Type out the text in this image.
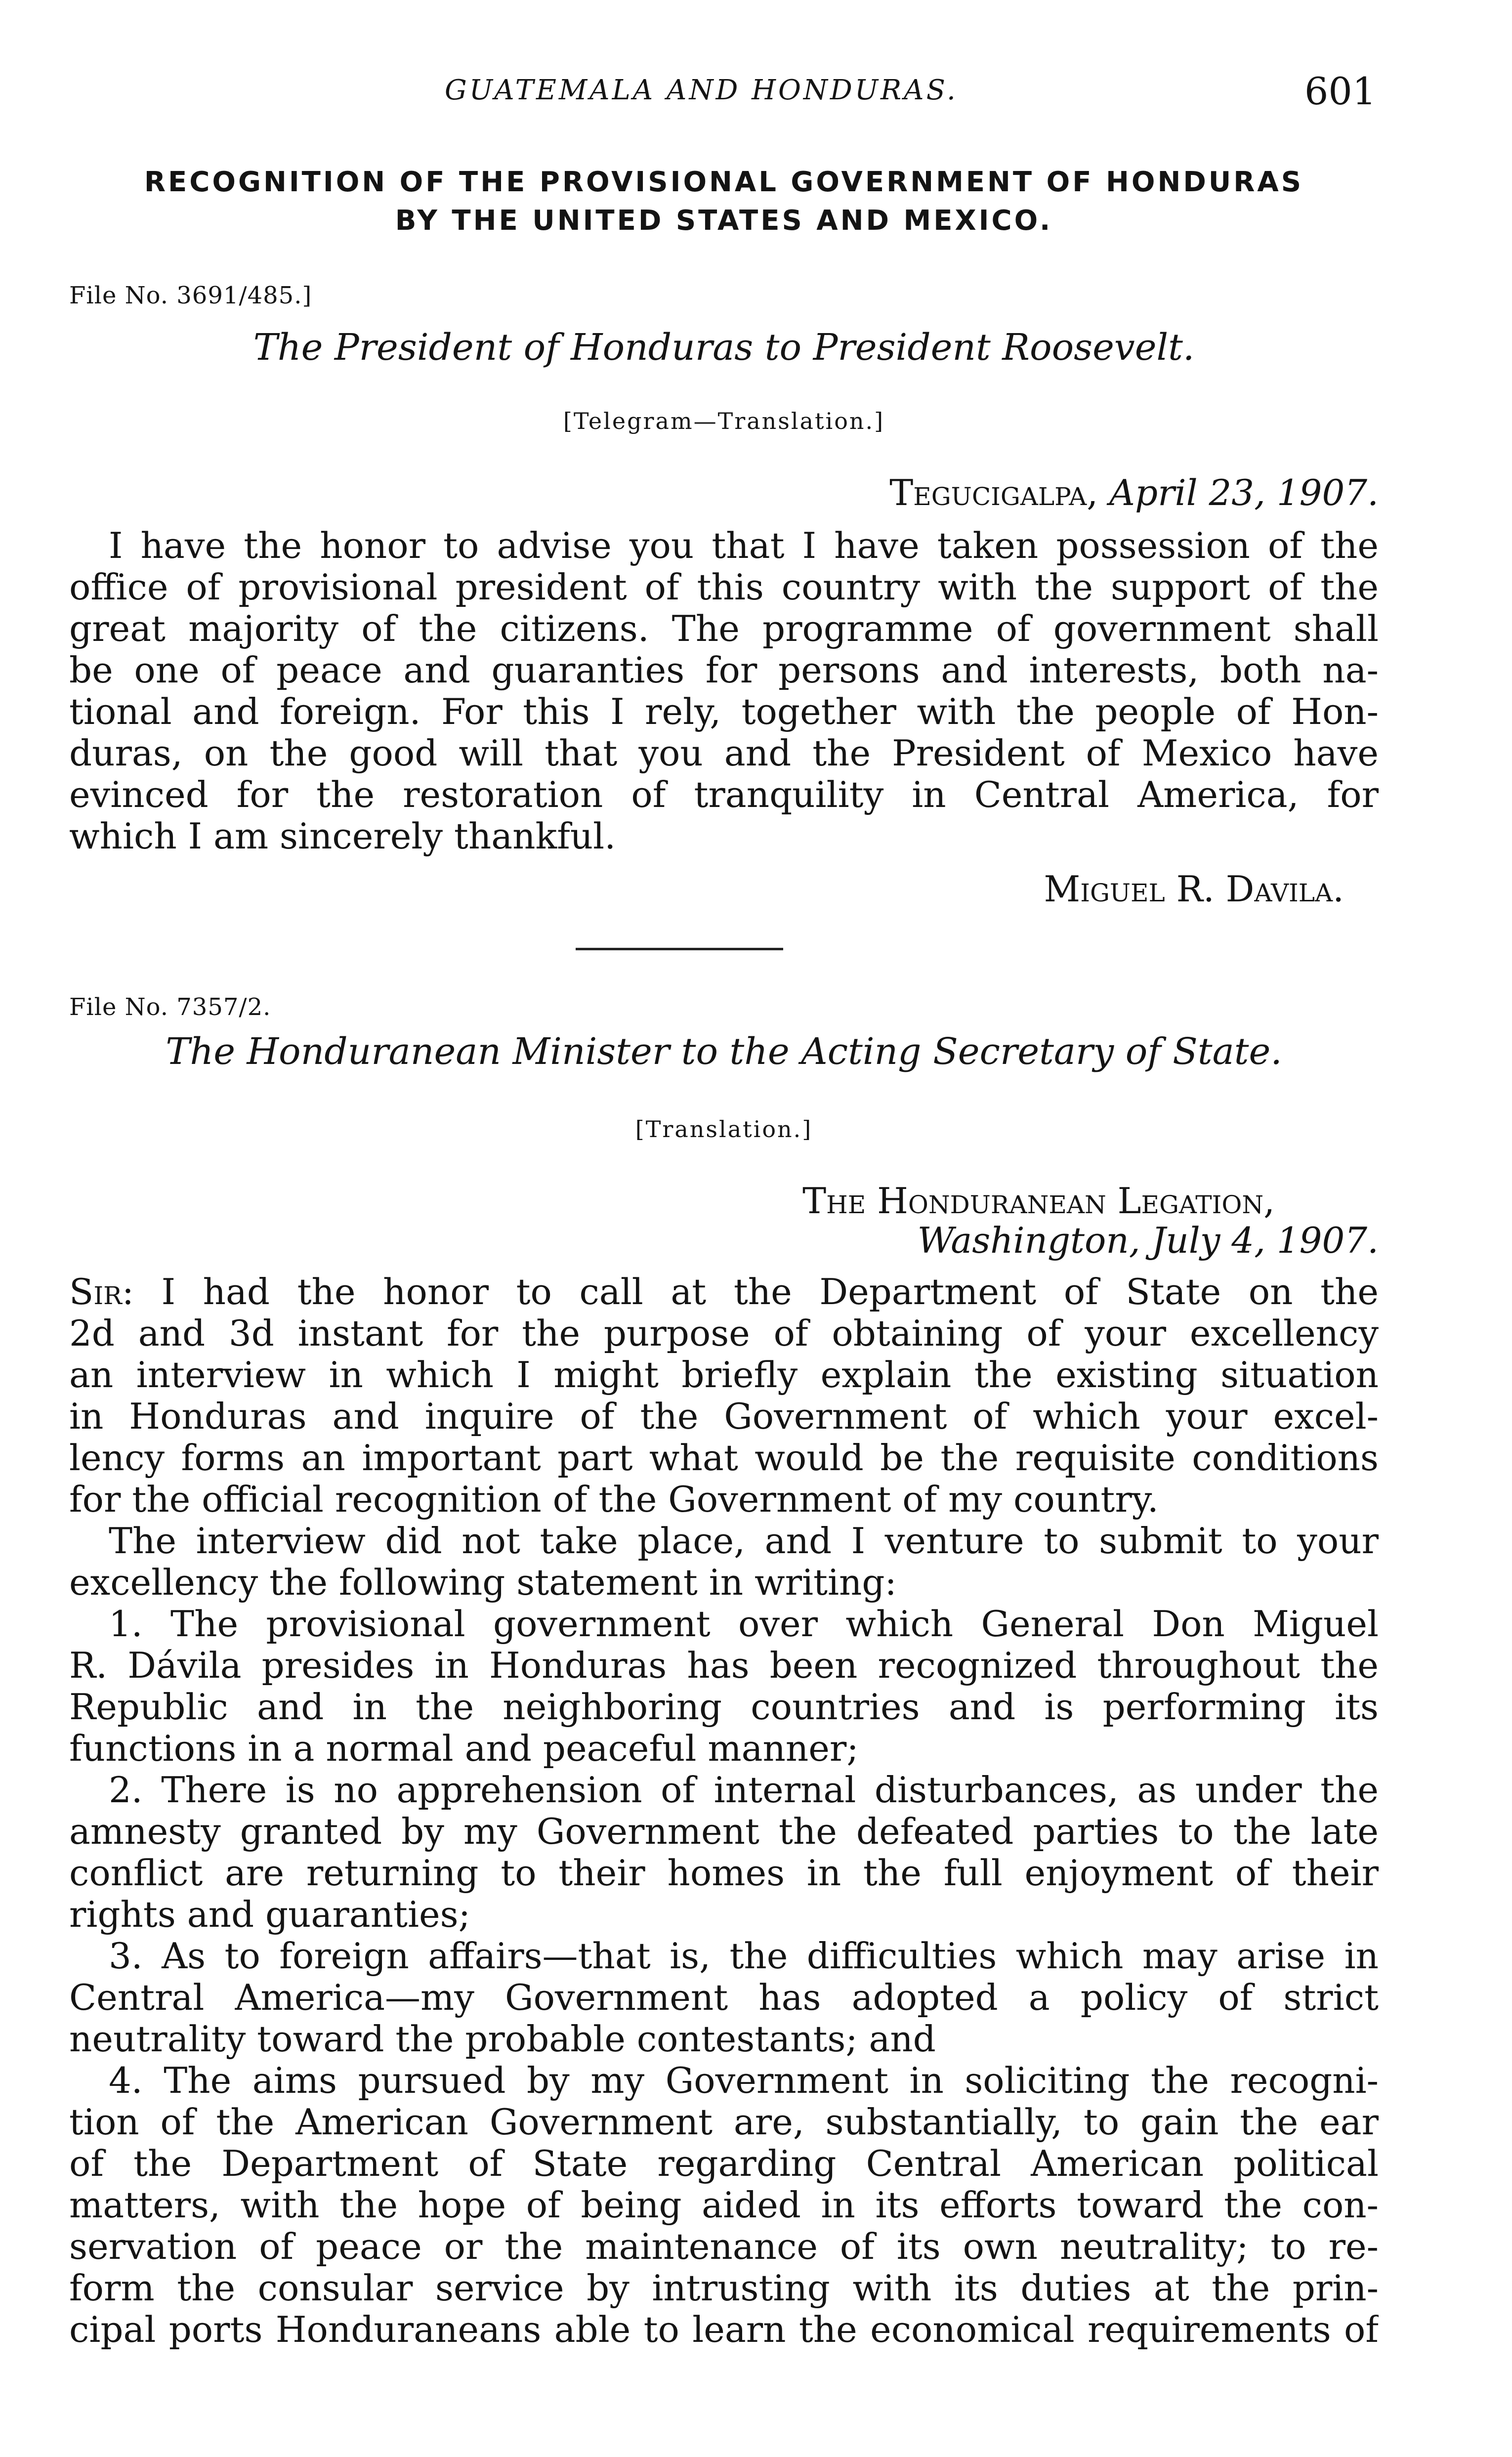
GUATEMALA AND HONDURAS.	601
RECOGNITION OF THE PROVISIONAL GOVERNMENT OF HONDURAS
BY THE UNITED STATES AND MEXICO.
File No. 3691/485.]
The President of Honduras to President Roosevelt.
[Telegram—Translation.]
Tegucigalpa, April 23, 1907.
I have the honor to advise you that I have taken possession of the
office of provisional president of this country with the support of the
great majority of the citizens. The programme of government shall
be one of peace and guaranties for persons and interests, both na-
tional and foreign. For this I rely, together with the people of Hon-
duras, on the good will that you and the President of Mexico have
evinced for the restoration of tranquility in Central America, for
which I am sincerely thankful.
Miguel R. Davila.
File No. 7357/2.
The Honduranean Minister to the Acting Secretary of State.
[Translation.]
The Honduranean Legation,
Washington, July 4, 1907.
Sir: I had the honor to call at the Department of State on the
2d and 3d instant for the purpose of obtaining of your excellency
an interview in which I might briefly explain the existing situation
in Honduras and inquire of the Government of which your excel-
lency forms an important part what would be the requisite conditions
for the official recognition of the Government of my country.
The interview did not take place, and I venture to submit to your
excellency the following statement in writing:
1. The provisional government over which General Don Miguel
R. Dávila presides in Honduras has been recognized throughout the
Republic and in the neighboring countries and is performing its
functions in a normal and peaceful manner;
2. There is no apprehension of internal disturbances, as under the
amnesty granted by my Government the defeated parties to the late
conflict are returning to their homes in the full enjoyment of their
rights and guaranties;
3. As to foreign affairs—that is, the difficulties which may arise in
Central America—my Government has adopted a policy of strict
neutrality toward the probable contestants; and
4. The aims pursued by my Government in soliciting the recogni-
tion of the American Government are, substantially, to gain the ear
of the Department of State regarding Central American political
matters, with the hope of being aided in its efforts toward the con-
servation of peace or the maintenance of its own neutrality; to re-
form the consular service by intrusting with its duties at the prin-
cipal ports Honduraneans able to learn the economical requirements of
